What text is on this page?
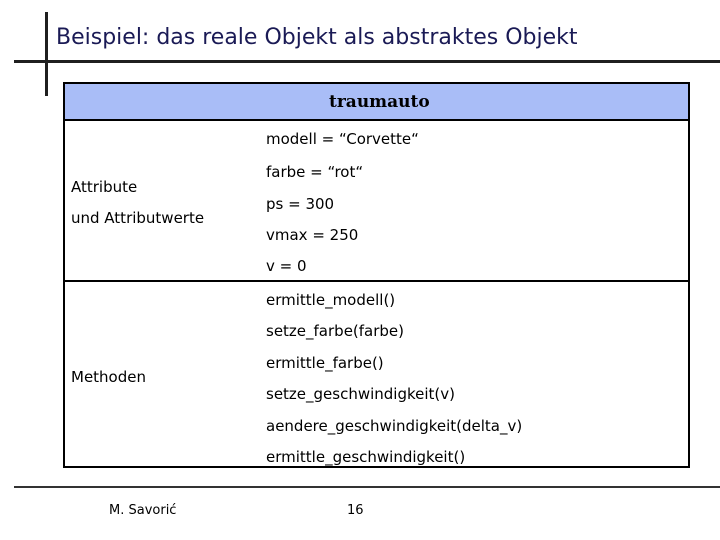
Beispiel: das reale Objekt als abstraktes Objekt
traumauto
Attribute
und Attributwerte
modell = “Corvette“
farbe = “rot“
ps = 300
vmax = 250
v = 0
Methoden
ermittle_modell()
setze_farbe(farbe)
ermittle_farbe()
setze_geschwindigkeit(v)
aendere_geschwindigkeit(delta_v)
ermittle_geschwindigkeit()
M. Savorić	16
